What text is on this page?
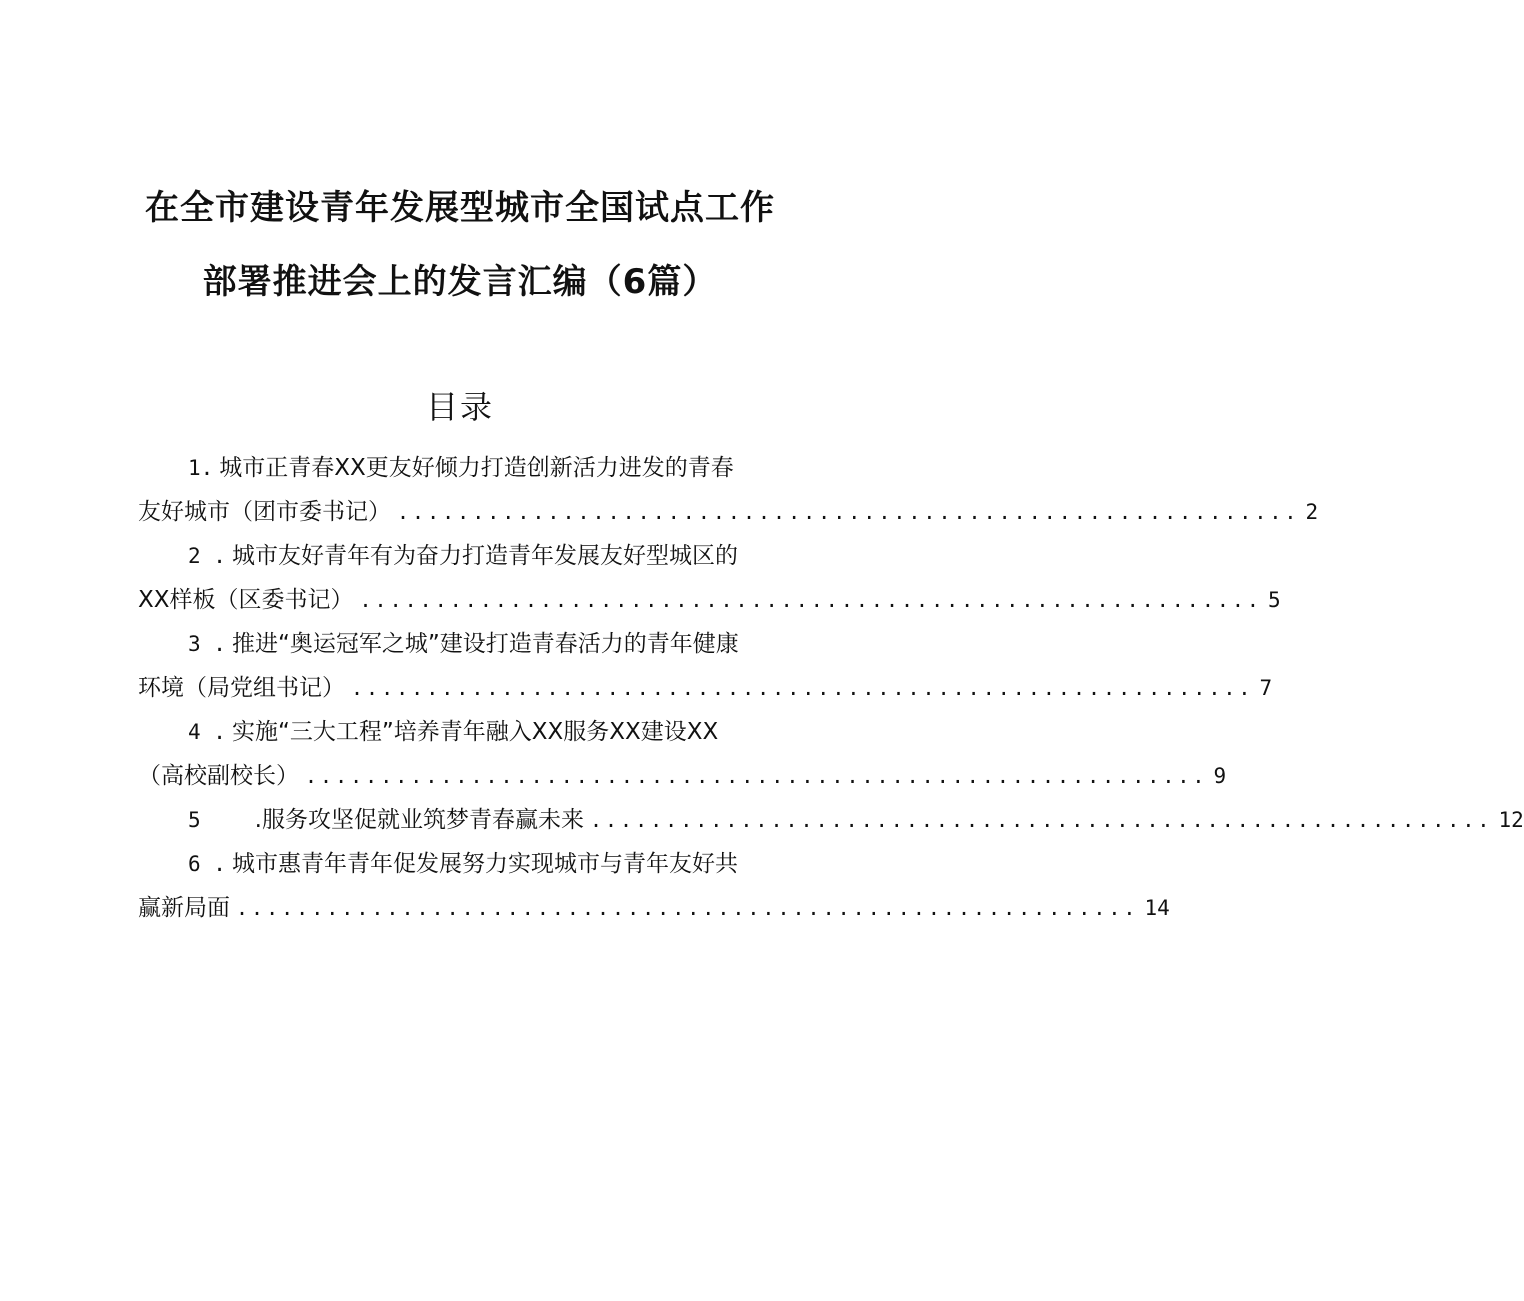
在全市建设青年发展型城市全国试点工作
部署推进会上的发言汇编（6篇）
目录
1. 城市正青春XX更友好倾力打造创新活力进发的青春
友好城市（团市委书记） ............................................................ 2
2 . 城市友好青年有为奋力打造青年发展友好型城区的
XX样板（区委书记） ............................................................ 5
3 . 推进“奥运冠军之城”建设打造青春活力的青年健康
环境（局党组书记） ............................................................ 7
4 . 实施“三大工程”培养青年融入XX服务XX建设XX
（高校副校长） ............................................................ 9
5 .服务攻坚促就业筑梦青春赢未来 ............................................................ 12
6 . 城市惠青年青年促发展努力实现城市与青年友好共
赢新局面 ............................................................ 14
